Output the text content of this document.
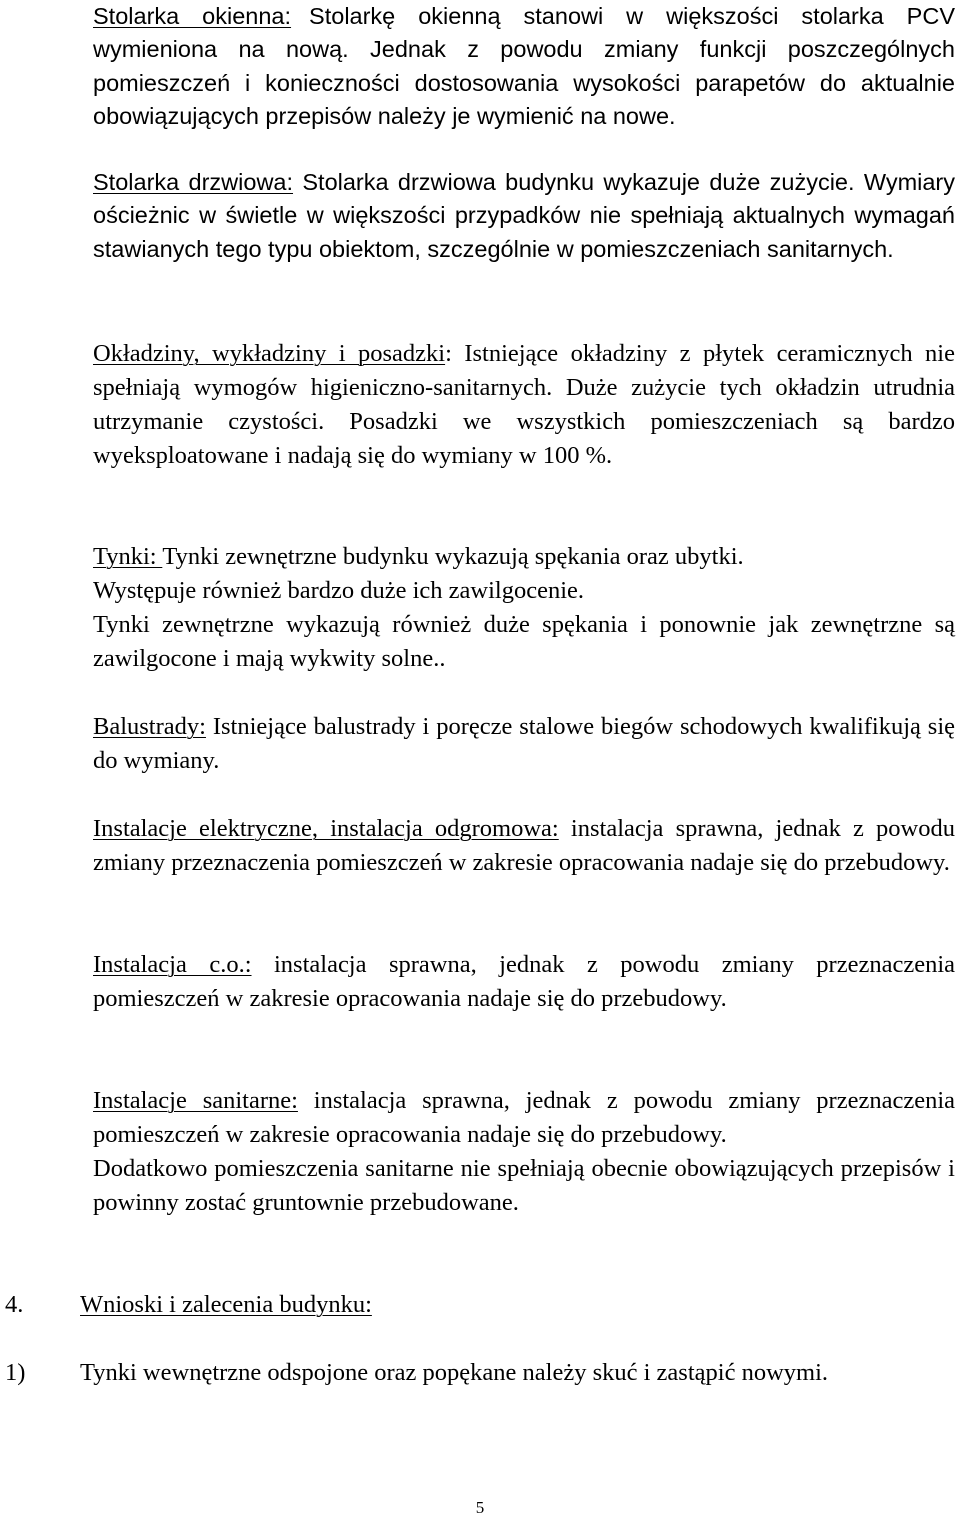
Stolarka okienna: Stolarkę okienną stanowi w większości stolarka PCV wymieniona na nową. Jednak z powodu zmiany funkcji poszczególnych pomieszczeń i konieczności dostosowania wysokości parapetów do aktualnie obowiązujących przepisów należy je wymienić na nowe.
Stolarka drzwiowa: Stolarka drzwiowa budynku wykazuje duże zużycie. Wymiary ościeżnic w świetle w większości przypadków nie spełniają aktualnych wymagań stawianych tego typu obiektom, szczególnie w pomieszczeniach sanitarnych.
Okładziny, wykładziny i posadzki: Istniejące okładziny z płytek ceramicznych nie spełniają wymogów higieniczno-sanitarnych. Duże zużycie tych okładzin utrudnia utrzymanie czystości. Posadzki we wszystkich pomieszczeniach są bardzo wyeksploatowane i nadają się do wymiany w 100 %.
Tynki: Tynki zewnętrzne budynku wykazują spękania oraz ubytki.
Występuje również bardzo duże ich zawilgocenie.
Tynki zewnętrzne wykazują również duże spękania i ponownie jak zewnętrzne są zawilgocone i mają wykwity solne..
Balustrady: Istniejące balustrady i poręcze stalowe biegów schodowych kwalifikują się do wymiany.
Instalacje elektryczne, instalacja odgromowa: instalacja sprawna, jednak z powodu zmiany przeznaczenia pomieszczeń w zakresie opracowania nadaje się do przebudowy.
Instalacja c.o.: instalacja sprawna, jednak z powodu zmiany przeznaczenia pomieszczeń w zakresie opracowania nadaje się do przebudowy.
Instalacje sanitarne: instalacja sprawna, jednak z powodu zmiany przeznaczenia pomieszczeń w zakresie opracowania nadaje się do przebudowy.
Dodatkowo pomieszczenia sanitarne nie spełniają obecnie obowiązujących przepisów i powinny zostać gruntownie przebudowane.
4. Wnioski i zalecenia budynku:
1) Tynki wewnętrzne odspojone oraz popękane należy skuć i zastąpić nowymi.
5
